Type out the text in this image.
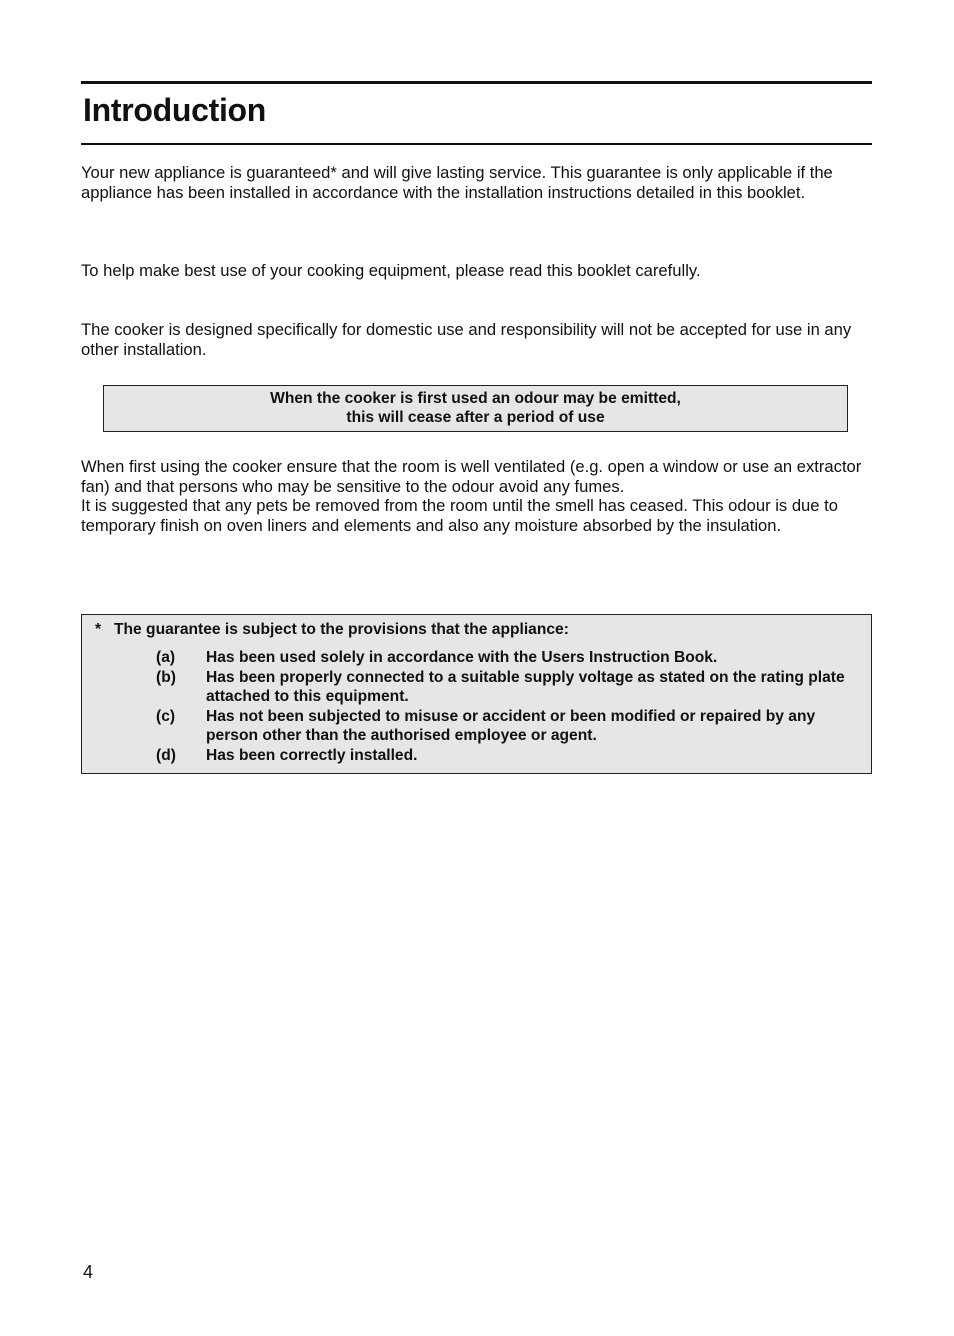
Introduction

Your new appliance is guaranteed* and will give lasting service. This guarantee is only applicable if the appliance has been installed in accordance with the installation instructions detailed in this booklet.

To help make best use of your cooking equipment, please read this booklet carefully.

The cooker is designed specifically for domestic use and responsibility will not be accepted for use in any other installation.

When the cooker is first used an odour may be emitted,
this will cease after a period of use
When first using the cooker ensure that the room is well ventilated (e.g. open a window or use an extractor fan) and that persons who may be sensitive to the odour avoid any fumes.
It is suggested that any pets be removed from the room until the smell has ceased. This odour is due to temporary finish on oven liners and elements and also any moisture absorbed by the insulation.
* The guarantee is subject to the provisions that the appliance:
(a) Has been used solely in accordance with the Users Instruction Book.
(b) Has been properly connected to a suitable supply voltage as stated on the rating plate attached to this equipment.
(c) Has not been subjected to misuse or accident or been modified or repaired by any person other than the authorised employee or agent.
(d) Has been correctly installed.
4
